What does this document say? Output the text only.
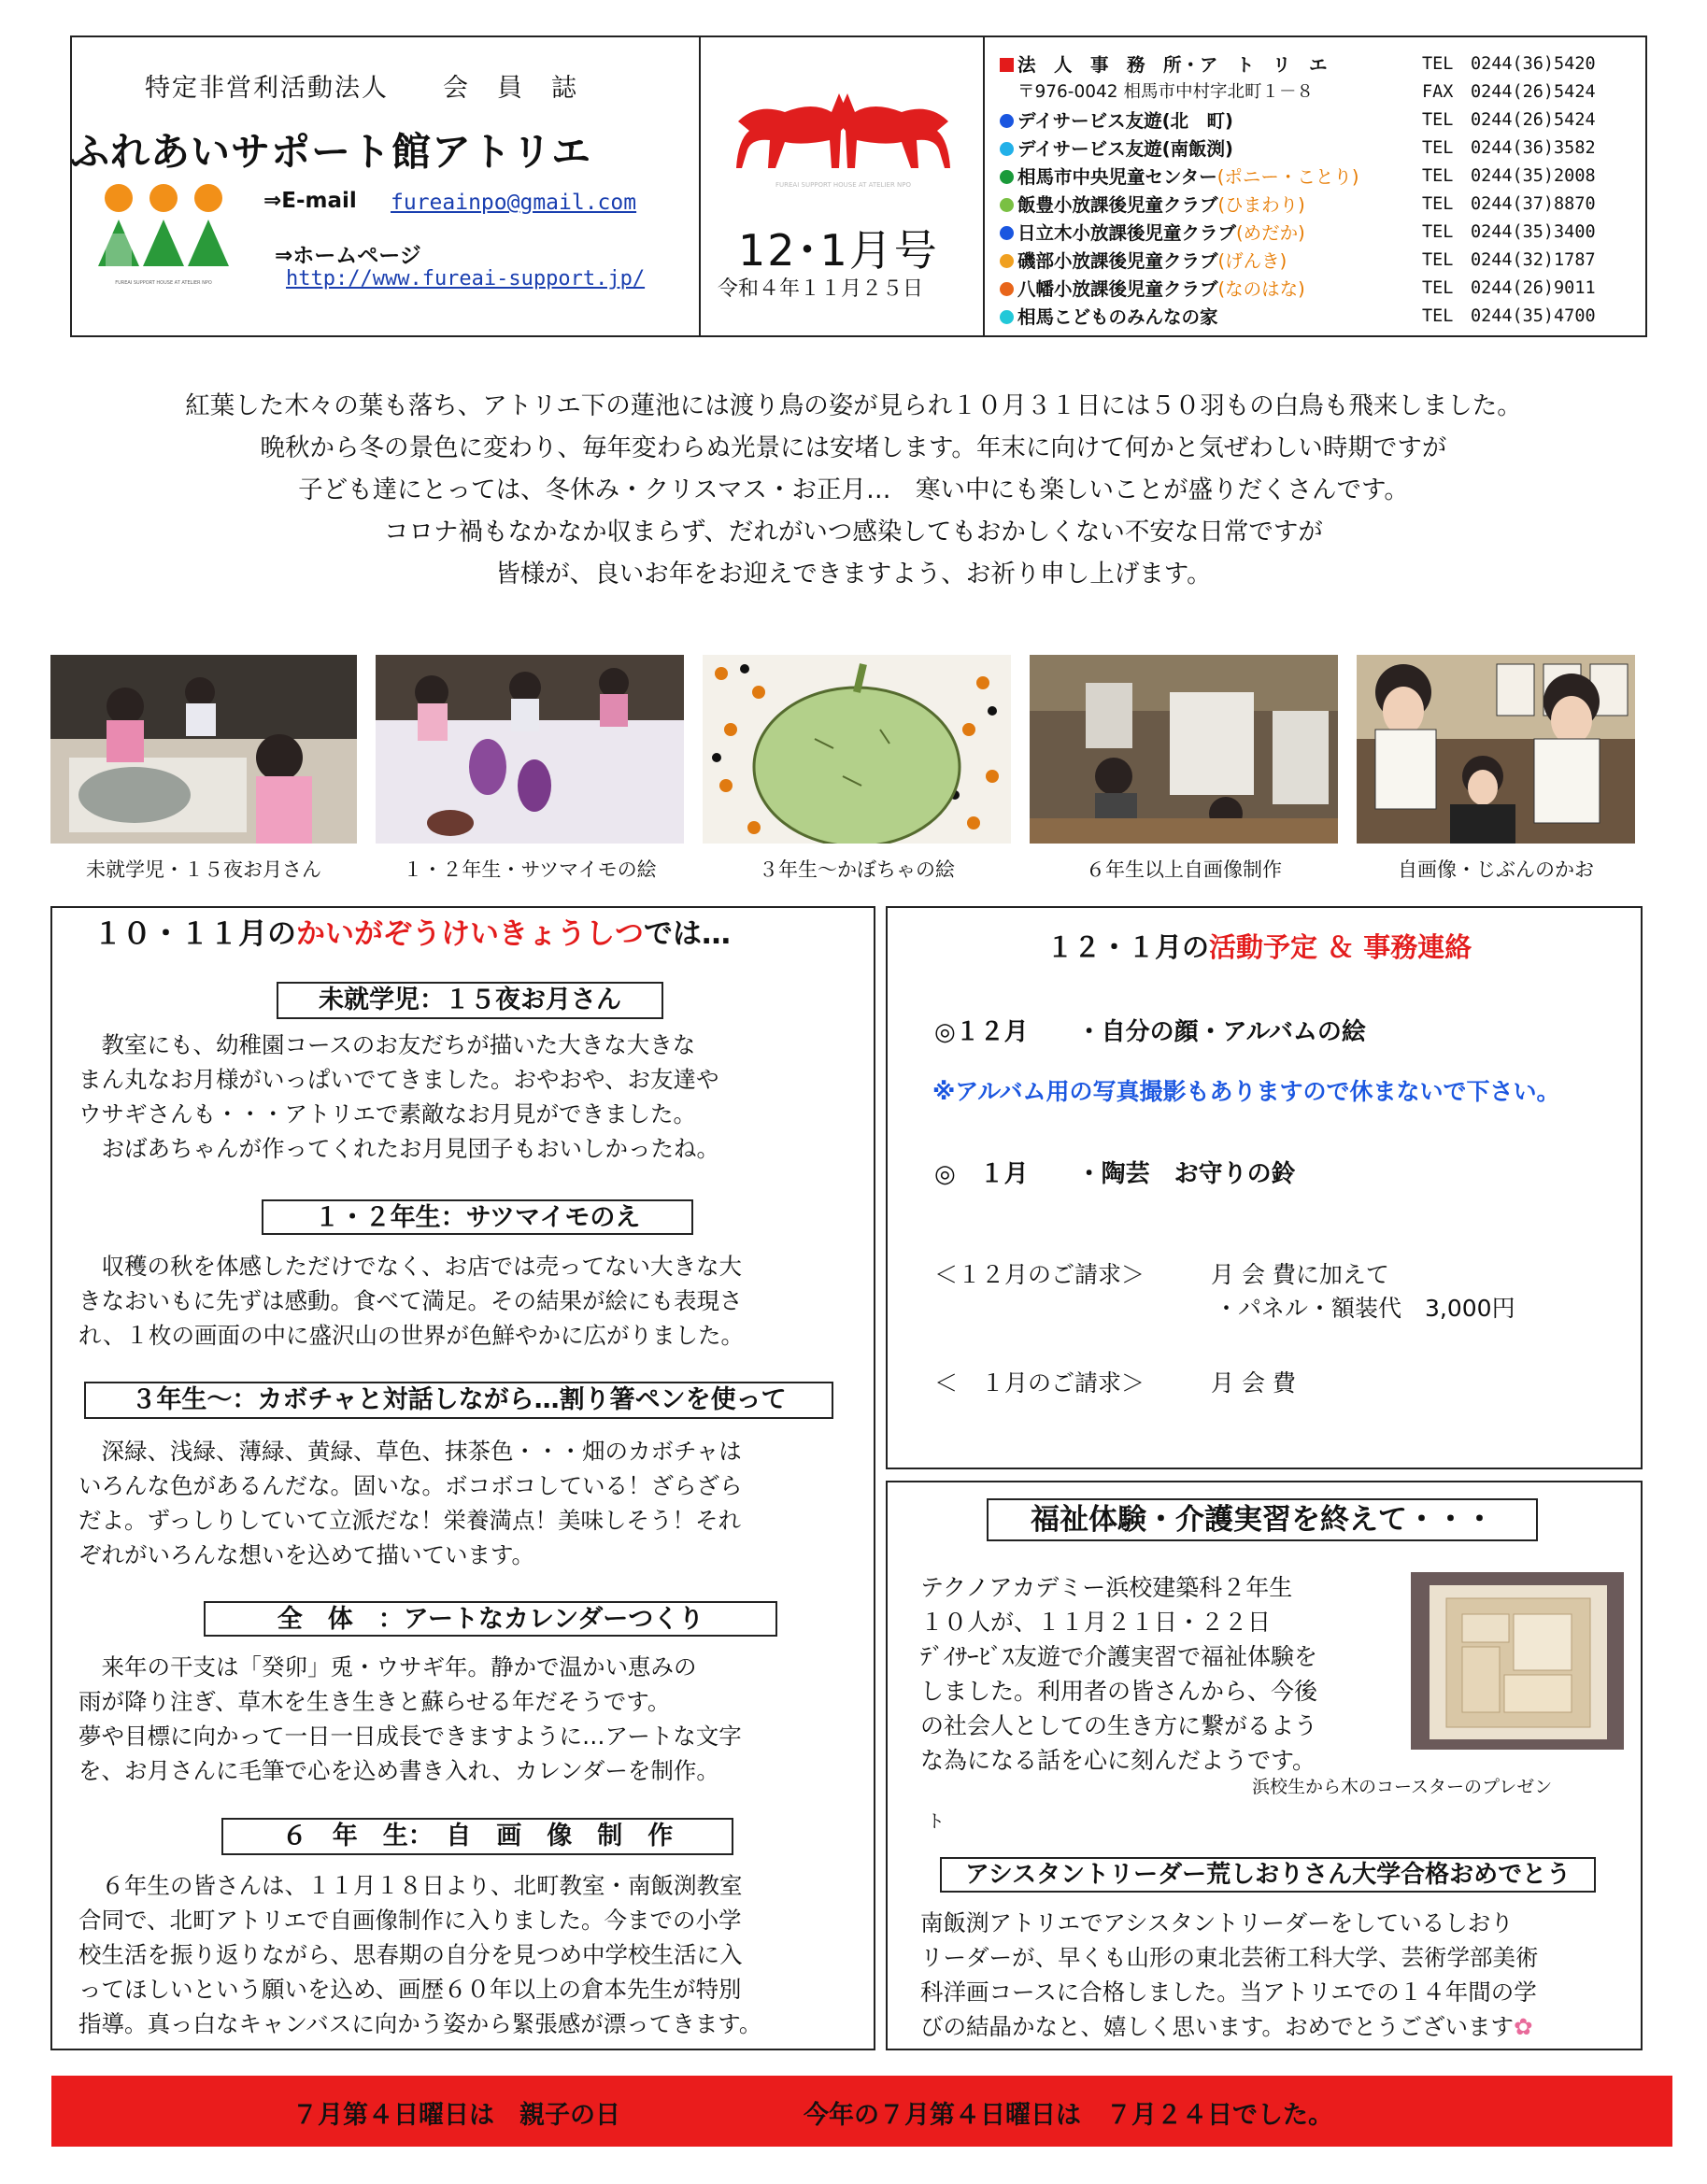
特定非営利活動法人　　会　員　誌
ふれあいサポート館アトリエ
FUREAI SUPPORT HOUSE AT ATELIER NPO
⇒E-mail fureainpo@gmail.com
⇒ホームページ
http://www.fureai-support.jp/
FUREAI SUPPORT HOUSE AT ATELIER NPO
12･1月号
令和４年１１月２５日
法　人　事　務　所・ア　ト　リ　エ	TEL　 0244(36)5420
〒976-0042 相馬市中村字北町１－８	FAX　 0244(26)5424
デイサービス友遊(北　町)	TEL　 0244(26)5424
デイサービス友遊(南飯渕)	TEL　 0244(36)3582
相馬市中央児童センター(ポニー・ことり)	TEL　 0244(35)2008
飯豊小放課後児童クラブ(ひまわり)	TEL　 0244(37)8870
日立木小放課後児童クラブ(めだか)	TEL　 0244(35)3400
磯部小放課後児童クラブ(げんき)	TEL　 0244(32)1787
八幡小放課後児童クラブ(なのはな)	TEL　 0244(26)9011
相馬こどものみんなの家	TEL　 0244(35)4700
紅葉した木々の葉も落ち、アトリエ下の蓮池には渡り鳥の姿が見られ１０月３１日には５０羽もの白鳥も飛来しました。
晩秋から冬の景色に変わり、毎年変わらぬ光景には安堵します。年末に向けて何かと気ぜわしい時期ですが
子ども達にとっては、冬休み・クリスマス・お正月…　寒い中にも楽しいことが盛りだくさんです。
コロナ禍もなかなか収まらず、だれがいつ感染してもおかしくない不安な日常ですが
皆様が、良いお年をお迎えできますよう、お祈り申し上げます。
未就学児・１５夜お月さん	１・２年生・サツマイモの絵	３年生～かぼちゃの絵	６年生以上自画像制作	自画像・じぶんのかお
１０・１１月のかいがぞうけいきょうしつでは…
未就学児：１５夜お月さん
　教室にも、幼稚園コースのお友だちが描いた大きな大きな
まん丸なお月様がいっぱいでてきました。おやおや、お友達や
ウサギさんも・・・アトリエで素敵なお月見ができました。
　おばあちゃんが作ってくれたお月見団子もおいしかったね。
１・２年生：サツマイモのえ
　収穫の秋を体感しただけでなく、お店では売ってない大きな大
きなおいもに先ずは感動。食べて満足。その結果が絵にも表現さ
れ、１枚の画面の中に盛沢山の世界が色鮮やかに広がりました。
３年生～：カボチャと対話しながら…割り箸ペンを使って
　深緑、浅緑、薄緑、黄緑、草色、抹茶色・・・畑のカボチャは
いろんな色があるんだな。固いな。ボコボコしている！ざらざら
だよ。ずっしりしていて立派だな！栄養満点！美味しそう！それ
ぞれがいろんな想いを込めて描いています。
全　体　：アートなカレンダーつくり
　来年の干支は「癸卯」兎・ウサギ年。静かで温かい恵みの
雨が降り注ぎ、草木を生き生きと蘇らせる年だそうです。
夢や目標に向かって一日一日成長できますように…アートな文字
を、お月さんに毛筆で心を込め書き入れ、カレンダーを制作。
６　年　生：　自　画　像　制　作
　６年生の皆さんは、１１月１８日より、北町教室・南飯渕教室
合同で、北町アトリエで自画像制作に入りました。今までの小学
校生活を振り返りながら、思春期の自分を見つめ中学校生活に入
ってほしいという願いを込め、画歴６０年以上の倉本先生が特別
指導。真っ白なキャンバスに向かう姿から緊張感が漂ってきます。
１２・１月の活動予定 ＆ 事務連絡
◎１２月　　・自分の顔・アルバムの絵
※アルバム用の写真撮影もありますので休まないで下さい。
◎　１月　　・陶芸　お守りの鈴
＜１２月のご請求＞	月 会 費に加えて
・パネル・額装代　3,000円
＜　１月のご請求＞	月 会 費
福祉体験・介護実習を終えて・・・
テクノアカデミー浜校建築科２年生
１０人が、１１月２１日・２２日
ﾃﾞｲｻｰﾋﾞｽ友遊で介護実習で福祉体験を
しました。利用者の皆さんから、今後
の社会人としての生き方に繋がるよう
な為になる話を心に刻んだようです。
浜校生から木のコースターのプレゼン
ト
アシスタントリーダー荒しおりさん大学合格おめでとう
南飯渕アトリエでアシスタントリーダーをしているしおり
リーダーが、早くも山形の東北芸術工科大学、芸術学部美術
科洋画コースに合格しました。当アトリエでの１４年間の学
びの結晶かなと、嬉しく思います。おめでとうございます✿
７月第４日曜日は　親子の日	今年の７月第４日曜日は　７月２４日でした。
